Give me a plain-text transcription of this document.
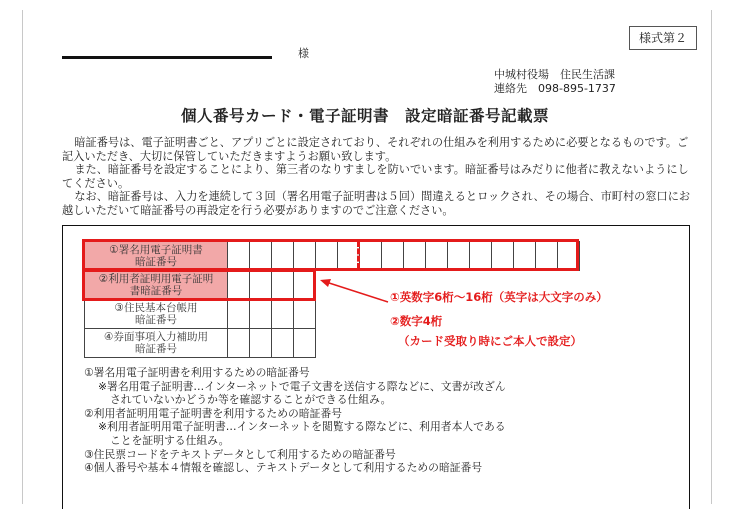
様式第２
様
中城村役場　住民生活課
連絡先　098-895-1737
個人番号カード・電子証明書　設定暗証番号記載票

暗証番号は、電子証明書ごと、アプリごとに設定されており、それぞれの仕組みを利用するために必要となるものです。ご記入いただき、大切に保管していただきますようお願い致します。

また、暗証番号を設定することにより、第三者のなりすましを防いでいます。暗証番号はみだりに他者に教えないようにしてください。

なお、暗証番号は、入力を連続して３回（署名用電子証明書は５回）間違えるとロックされ、その場合、市町村の窓口にお越しいただいて暗証番号の再設定を行う必要がありますのでご注意ください。

①署名用電子証明書
暗証番号																

②利用者証明用電子証明
書暗証番号																

③住民基本台帳用
暗証番号																

④券面事項入力補助用
暗証番号																

①英数字6桁～16桁（英字は大文字のみ）
②数字4桁
（カード受取り時にご本人で設定）
①署名用電子証明書を利用するための暗証番号
※署名用電子証明書…インターネットで電子文書を送信する際などに、文書が改ざん
されていないかどうか等を確認することができる仕組み。
②利用者証明用電子証明書を利用するための暗証番号
※利用者証明用電子証明書…インターネットを閲覧する際などに、利用者本人である
ことを証明する仕組み。
③住民票コードをテキストデータとして利用するための暗証番号
④個人番号や基本４情報を確認し、テキストデータとして利用するための暗証番号
